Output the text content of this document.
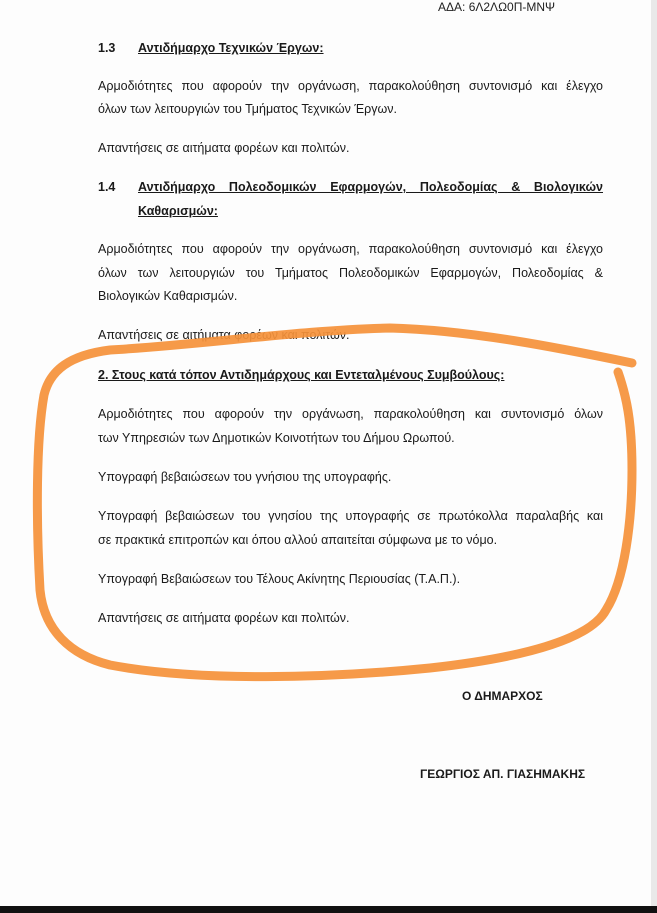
ΑΔΑ: 6Λ2ΛΩ0Π-ΜΝΨ
1.3 Αντιδήμαρχο Τεχνικών Έργων:
Αρμοδιότητες που αφορούν την οργάνωση, παρακολούθηση συντονισμό και έλεγχο
όλων των λειτουργιών του Τμήματος Τεχνικών Έργων.
Απαντήσεις σε αιτήματα φορέων και πολιτών.
1.4 Αντιδήμαρχο Πολεοδομικών Εφαρμογών, Πολεοδομίας & Βιολογικών
Καθαρισμών:
Αρμοδιότητες που αφορούν την οργάνωση, παρακολούθηση συντονισμό και έλεγχο
όλων των λειτουργιών του Τμήματος Πολεοδομικών Εφαρμογών, Πολεοδομίας &
Βιολογικών Καθαρισμών.
Απαντήσεις σε αιτήματα φορέων και πολιτών.
2. Στους κατά τόπον Αντιδημάρχους και Εντεταλμένους Συμβούλους:
Αρμοδιότητες που αφορούν την οργάνωση, παρακολούθηση και συντονισμό όλων
των Υπηρεσιών των Δημοτικών Κοινοτήτων του Δήμου Ωρωπού.
Υπογραφή βεβαιώσεων του γνήσιου της υπογραφής.
Υπογραφή βεβαιώσεων του γνησίου της υπογραφής σε πρωτόκολλα παραλαβής και
σε πρακτικά επιτροπών και όπου αλλού απαιτείται σύμφωνα με το νόμο.
Υπογραφή Βεβαιώσεων του Τέλους Ακίνητης Περιουσίας (Τ.Α.Π.).
Απαντήσεις σε αιτήματα φορέων και πολιτών.
Ο ΔΗΜΑΡΧΟΣ
ΓΕΩΡΓΙΟΣ ΑΠ. ΓΙΑΣΗΜΑΚΗΣ
